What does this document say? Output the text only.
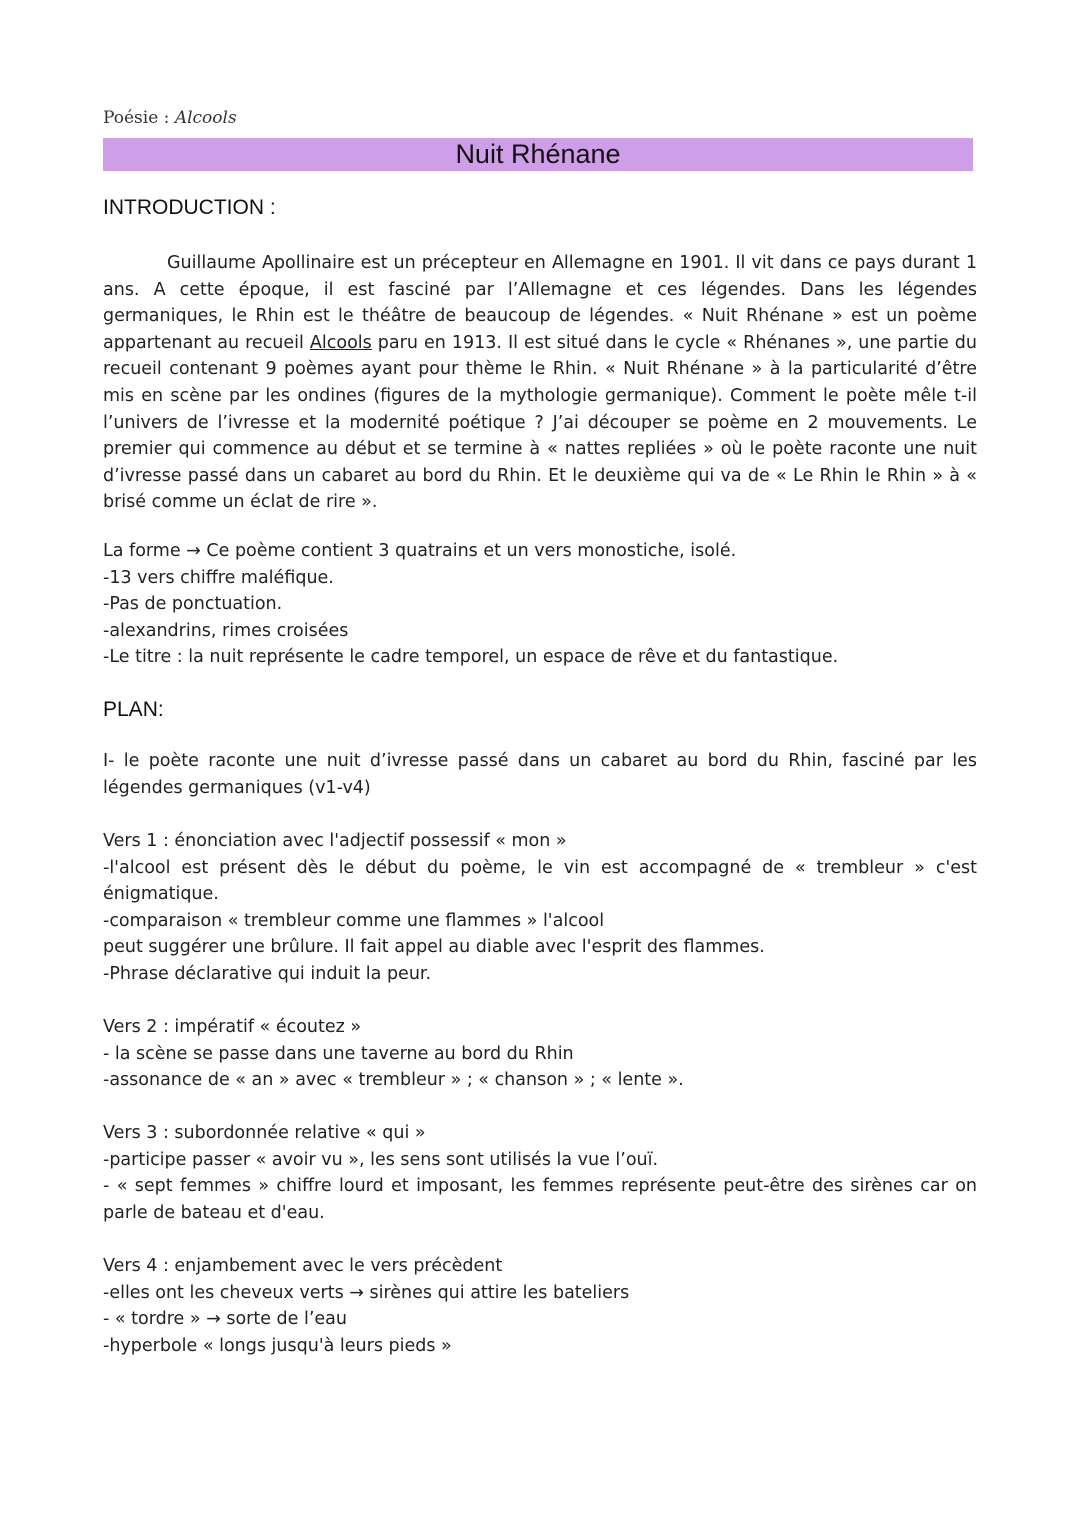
Poésie : Alcools
Nuit Rhénane
INTRODUCTION :
Guillaume Apollinaire est un précepteur en Allemagne en 1901. Il vit dans ce pays durant 1 ans. A cette époque, il est fasciné par l’Allemagne et ces légendes. Dans les légendes germaniques, le Rhin est le théâtre de beaucoup de légendes. « Nuit Rhénane » est un poème appartenant au recueil Alcools paru en 1913. Il est situé dans le cycle « Rhénanes », une partie du recueil contenant 9 poèmes ayant pour thème le Rhin. « Nuit Rhénane » à la particularité d’être mis en scène par les ondines (figures de la mythologie germanique). Comment le poète mêle t-il l’univers de l’ivresse et la modernité poétique ? J’ai découper se poème en 2 mouvements. Le premier qui commence au début et se termine à « nattes repliées » où le poète raconte une nuit d’ivresse passé dans un cabaret au bord du Rhin. Et le deuxième qui va de « Le Rhin le Rhin » à « brisé comme un éclat de rire ».
La forme → Ce poème contient 3 quatrains et un vers monostiche, isolé.
-13 vers chiffre maléfique.
-Pas de ponctuation.
-alexandrins, rimes croisées
-Le titre : la nuit représente le cadre temporel, un espace de rêve et du fantastique.
PLAN:
I- le poète raconte une nuit d’ivresse passé dans un cabaret au bord du Rhin, fasciné par les légendes germaniques (v1-v4)
Vers 1 : énonciation avec l'adjectif possessif « mon »
-l'alcool est présent dès le début du poème, le vin est accompagné de « trembleur » c'est énigmatique.
-comparaison « trembleur comme une flammes » l'alcool
peut suggérer une brûlure. Il fait appel au diable avec l'esprit des flammes.
-Phrase déclarative qui induit la peur.
Vers 2 : impératif « écoutez »
- la scène se passe dans une taverne au bord du Rhin
-assonance de « an » avec « trembleur » ; « chanson » ; « lente ».
Vers 3 : subordonnée relative « qui »
-participe passer « avoir vu », les sens sont utilisés la vue l’ouï.
- « sept femmes » chiffre lourd et imposant, les femmes représente peut-être des sirènes car on parle de bateau et d'eau.
Vers 4 : enjambement avec le vers précèdent
-elles ont les cheveux verts → sirènes qui attire les bateliers
- « tordre » → sorte de l’eau
-hyperbole « longs jusqu'à leurs pieds »
